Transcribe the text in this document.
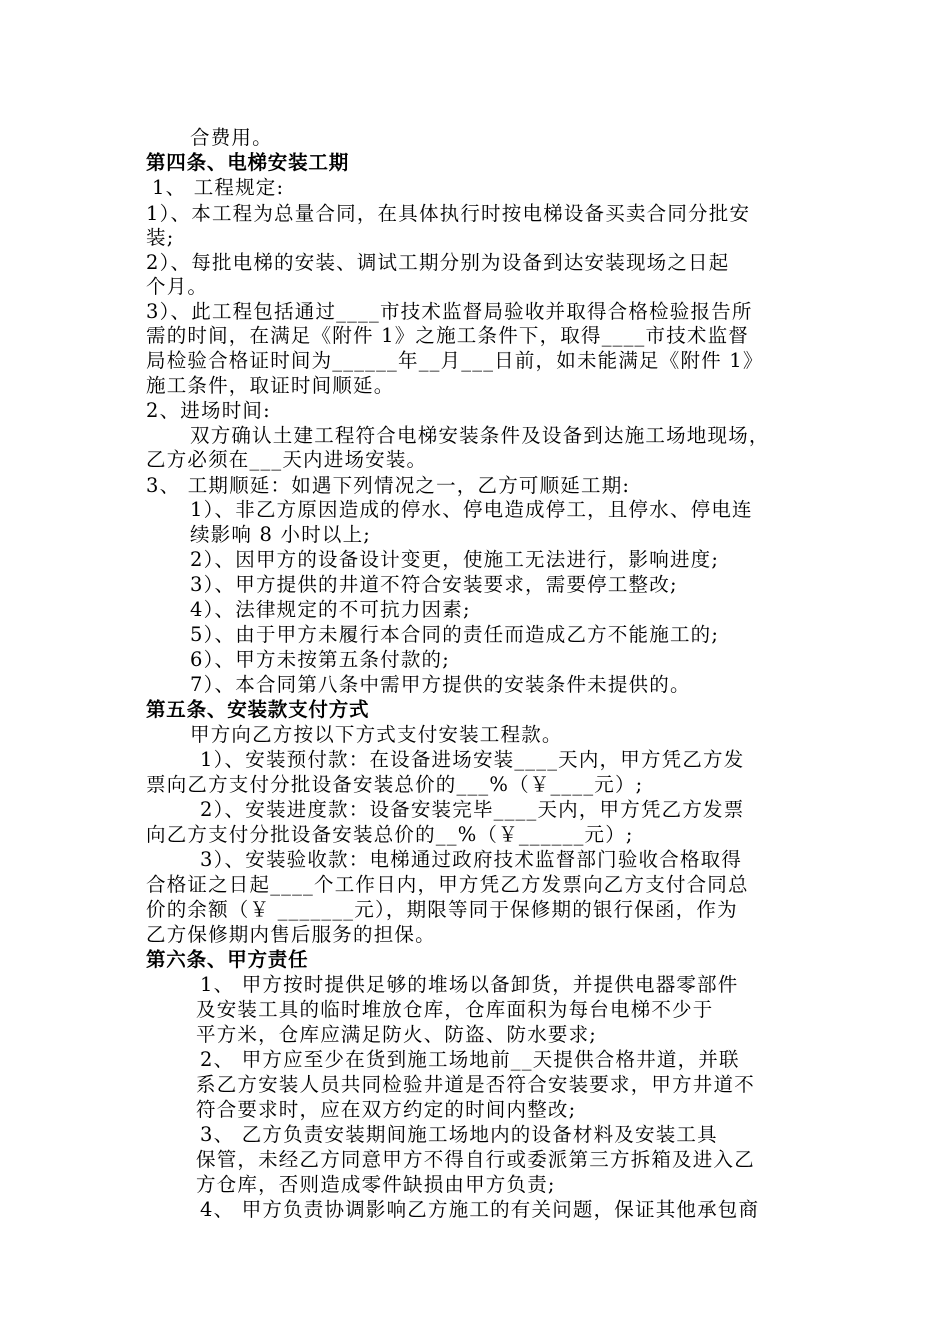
合费用。
第四条、电梯安装工期
1、 工程规定:
1）、本工程为总量合同，在具体执行时按电梯设备买卖合同分批安
装;
2）、每批电梯的安装、调试工期分别为设备到达安装现场之日起
个月。
3）、此工程包括通过____市技术监督局验收并取得合格检验报告所
需的时间，在满足《附件 1》之施工条件下，取得____市技术监督
局检验合格证时间为______年__月___日前，如未能满足《附件 1》
施工条件，取证时间顺延。
2、进场时间:
双方确认土建工程符合电梯安装条件及设备到达施工场地现场，
乙方必须在___天内进场安装。
3、 工期顺延：如遇下列情况之一，乙方可顺延工期:
1）、非乙方原因造成的停水、停电造成停工，且停水、停电连
续影响 8 小时以上;
2）、因甲方的设备设计变更，使施工无法进行，影响进度;
3）、甲方提供的井道不符合安装要求，需要停工整改;
4）、法律规定的不可抗力因素;
5）、由于甲方未履行本合同的责任而造成乙方不能施工的;
6）、甲方未按第五条付款的;
7）、本合同第八条中需甲方提供的安装条件未提供的。
第五条、安装款支付方式
甲方向乙方按以下方式支付安装工程款。
1）、安装预付款：在设备进场安装____天内，甲方凭乙方发
票向乙方支付分批设备安装总价的___%（￥____元）;
2）、安装进度款：设备安装完毕____天内，甲方凭乙方发票
向乙方支付分批设备安装总价的__%（￥______元）;
3）、安装验收款：电梯通过政府技术监督部门验收合格取得
合格证之日起____个工作日内，甲方凭乙方发票向乙方支付合同总
价的余额（￥ _______元），期限等同于保修期的银行保函，作为
乙方保修期内售后服务的担保。
第六条、甲方责任
1、 甲方按时提供足够的堆场以备卸货，并提供电器零部件
及安装工具的临时堆放仓库，仓库面积为每台电梯不少于
平方米，仓库应满足防火、防盗、防水要求;
2、 甲方应至少在货到施工场地前__天提供合格井道，并联
系乙方安装人员共同检验井道是否符合安装要求，甲方井道不
符合要求时，应在双方约定的时间内整改;
3、 乙方负责安装期间施工场地内的设备材料及安装工具
保管，未经乙方同意甲方不得自行或委派第三方拆箱及进入乙
方仓库，否则造成零件缺损由甲方负责;
4、 甲方负责协调影响乙方施工的有关问题，保证其他承包商
